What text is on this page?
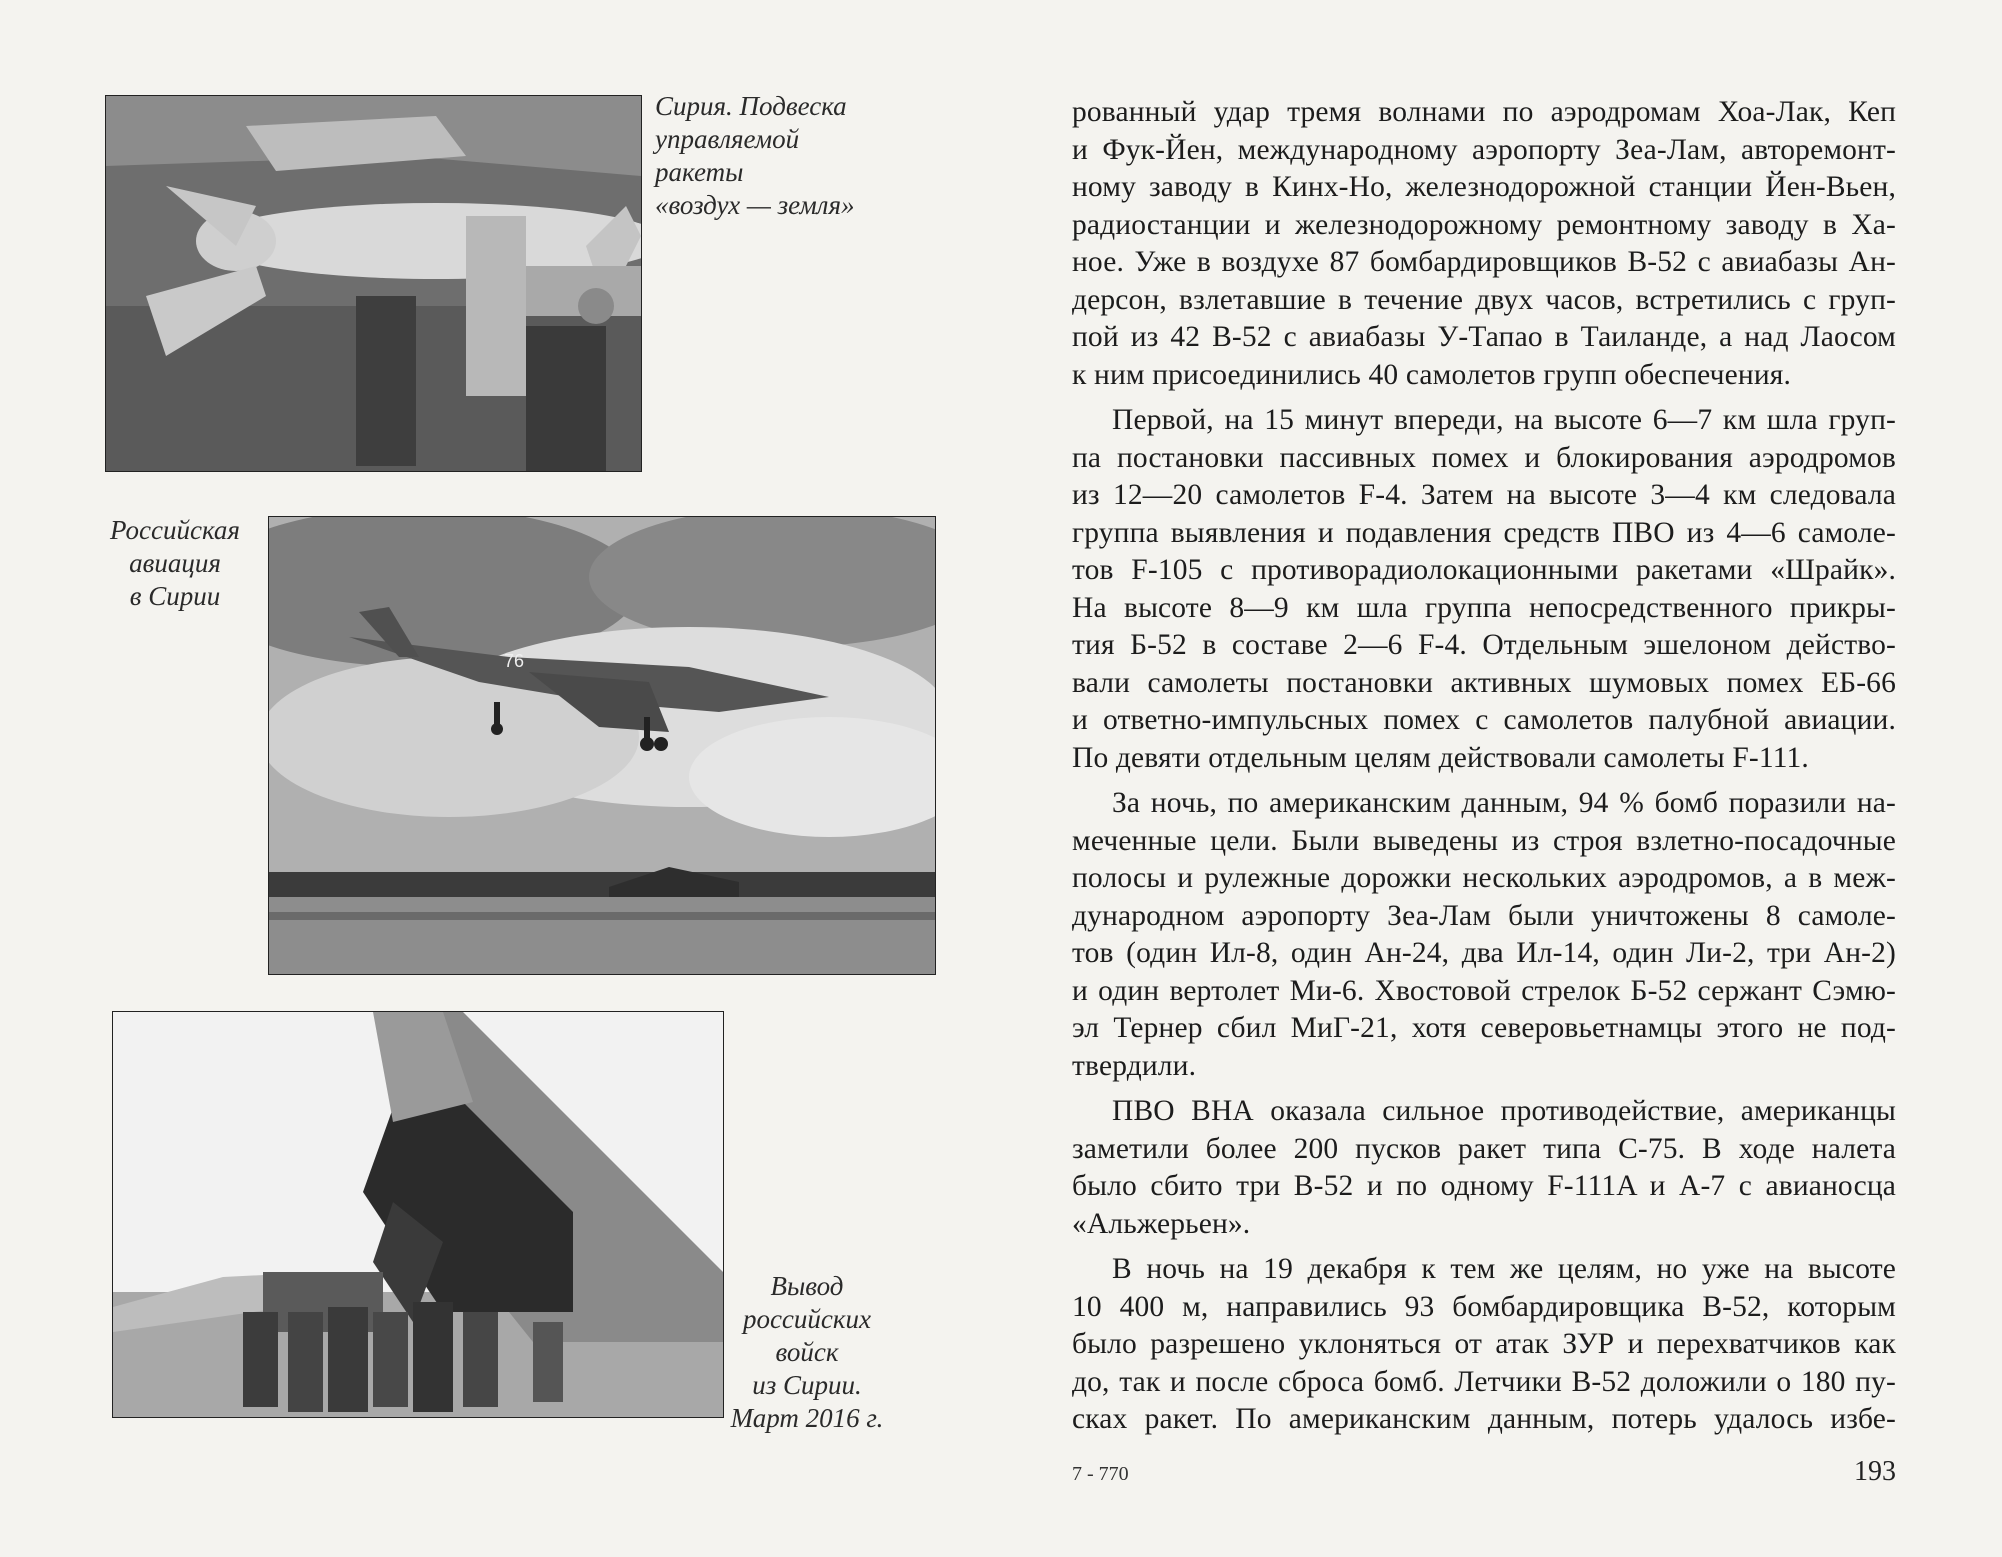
Сирия. Подвеска
управляемой
ракеты
«воздух — земля»
76
Российская
авиация
в Сирии
Вывод
российских
войск
из Сирии.
Март 2016 г.
рованный удар тремя волнами по аэродромам Хоа-Лак, Кеп
и Фук-Йен, международному аэропорту Зеа-Лам, авторемонт-
ному заводу в Кинх-Но, железнодорожной станции Йен-Вьен,
радиостанции и железнодорожному ремонтному заводу в Ха-
ное. Уже в воздухе 87 бомбардировщиков B-52 с авиабазы Ан-
дерсон, взлетавшие в течение двух часов, встретились с груп-
пой из 42 B-52 с авиабазы У-Тапао в Таиланде, а над Лаосом
к ним присоединились 40 самолетов групп обеспечения.
Первой, на 15 минут впереди, на высоте 6—7 км шла груп-
па постановки пассивных помех и блокирования аэродромов
из 12—20 самолетов F-4. Затем на высоте 3—4 км следовала
группа выявления и подавления средств ПВО из 4—6 самоле-
тов F-105 с противорадиолокационными ракетами «Шрайк».
На высоте 8—9 км шла группа непосредственного прикры-
тия Б-52 в составе 2—6 F-4. Отдельным эшелоном действо-
вали самолеты постановки активных шумовых помех ЕБ-66
и ответно-импульсных помех с самолетов палубной авиации.
По девяти отдельным целям действовали самолеты F-111.
За ночь, по американским данным, 94 % бомб поразили на-
меченные цели. Были выведены из строя взлетно-посадочные
полосы и рулежные дорожки нескольких аэродромов, а в меж-
дународном аэропорту Зеа-Лам были уничтожены 8 самоле-
тов (один Ил-8, один Ан-24, два Ил-14, один Ли-2, три Ан-2)
и один вертолет Ми-6. Хвостовой стрелок Б-52 сержант Сэмю-
эл Тернер сбил МиГ-21, хотя северовьетнамцы этого не под-
твердили.
ПВО ВНА оказала сильное противодействие, американцы
заметили более 200 пусков ракет типа С-75. В ходе налета
было сбито три B-52 и по одному F-111A и A-7 с авианосца
«Альжерьен».
В ночь на 19 декабря к тем же целям, но уже на высоте
10 400 м, направились 93 бомбардировщика B-52, которым
было разрешено уклоняться от атак ЗУР и перехватчиков как
до, так и после сброса бомб. Летчики B-52 доложили о 180 пу-
сках ракет. По американским данным, потерь удалось избе-
7 - 770	193
